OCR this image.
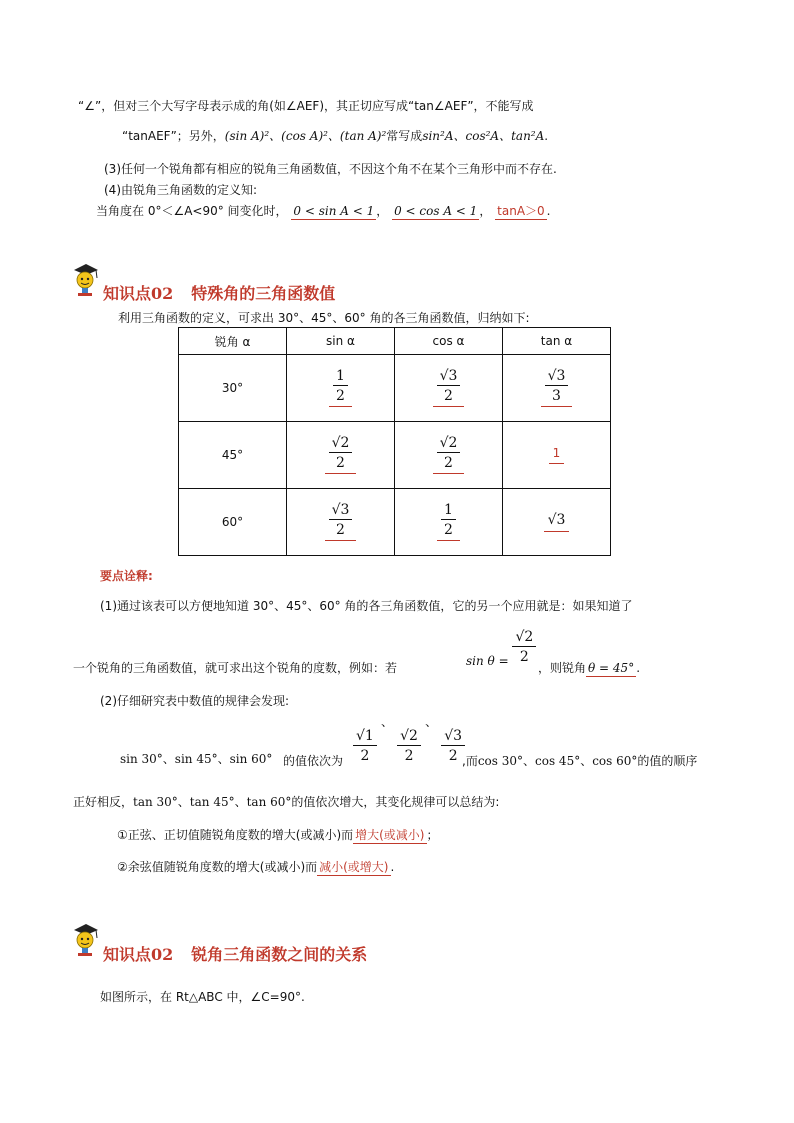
“∠”，但对三个大写字母表示成的角(如∠AEF)，其正切应写成“tan∠AEF”，不能写成
“tanAEF”；另外，(sin A)²、(cos A)²、(tan A)²常写成sin²A、cos²A、tan²A.
(3)任何一个锐角都有相应的锐角三角函数值，不因这个角不在某个三角形中而不存在.
(4)由锐角三角函数的定义知:
当角度在 0°＜∠A<90° 间变化时， 0 < sin A < 1 ， 0 < cos A < 1 ， tanA＞0 .
知识点02 特殊角的三角函数值
利用三角函数的定义，可求出 30°、45°、60° 角的各三角函数值，归纳如下:
锐角 α	sin α	cos α	tan α
30°	$\frac{1}{2}$	$\frac{√3}{2}$	$\frac{√3}{3}$

45°	$\frac{√2}{2}$	$\frac{√2}{2}$	1
60°	$\frac{√3}{2}$	$\frac{1}{2}$	√3
要点诠释:
(1)通过该表可以方便地知道 30°、45°、60° 角的各三角函数值，它的另一个应用就是：如果知道了
$\sin \theta = \frac{√2}{2}$
一个锐角的三角函数值，就可求出这个锐角的度数，例如：若	，则锐角 θ = 45° .
(2)仔细研究表中数值的规律会发现:
sin 30°、sin 45°、sin 60° 的值依次为 $\frac{√1}{2}$
、
$\frac{√2}{2}$
、
$\frac{√3}{2}$
,而cos 30°、cos 45°、cos 60°的值的顺序
正好相反，tan 30°、tan 45°、tan 60°的值依次增大，其变化规律可以总结为:
①正弦、正切值随锐角度数的增大(或减小)而 增大(或减小) ；
②余弦值随锐角度数的增大(或减小)而 减小(或增大) .
知识点02 锐角三角函数之间的关系
如图所示，在 Rt△ABC 中，∠C=90°.
